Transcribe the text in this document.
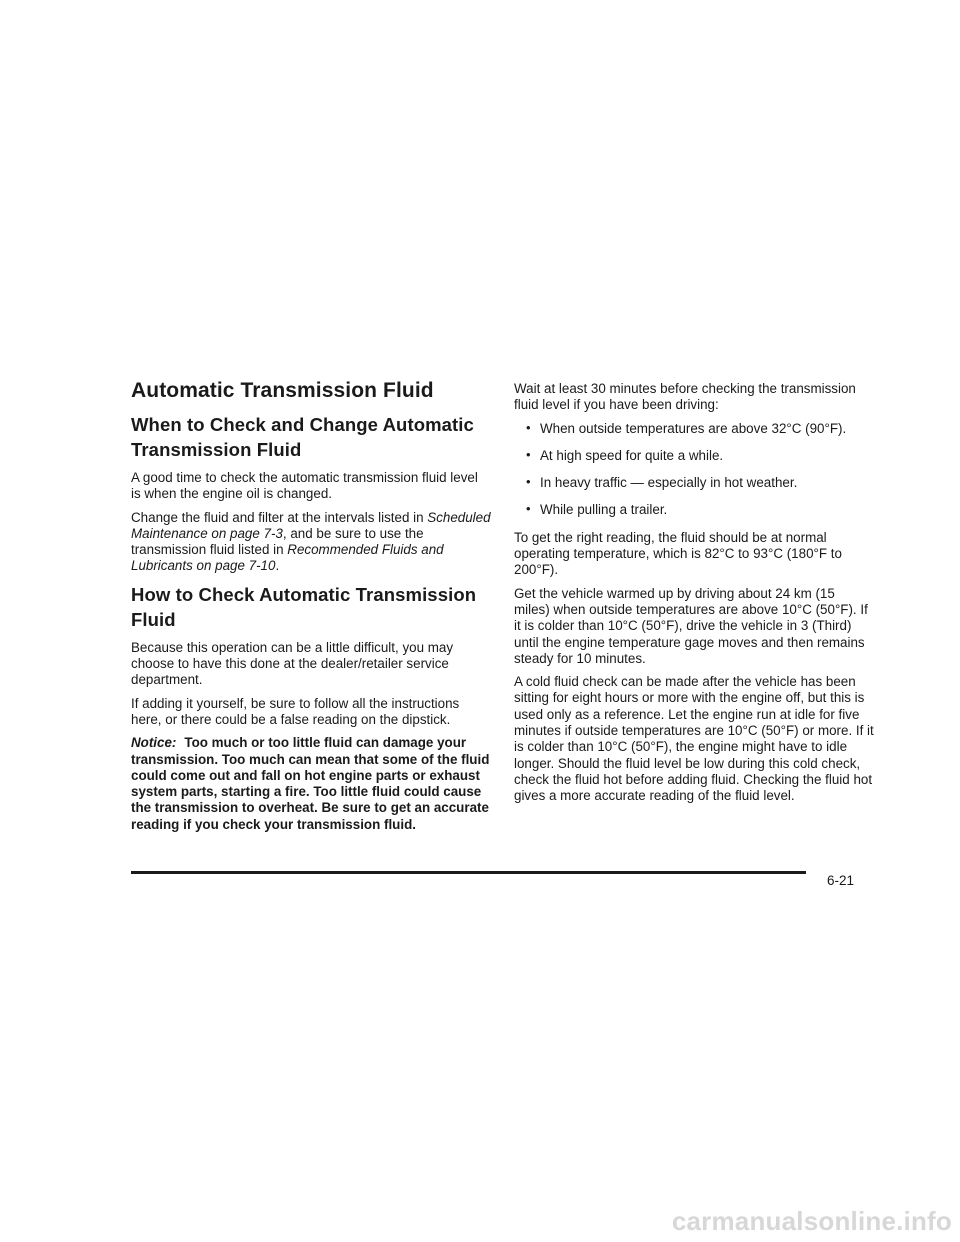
Automatic Transmission Fluid
When to Check and Change Automatic Transmission Fluid

A good time to check the automatic transmission fluid level is when the engine oil is changed.

Change the fluid and filter at the intervals listed in Scheduled Maintenance on page 7-3, and be sure to use the transmission fluid listed in Recommended Fluids and Lubricants on page 7-10.

How to Check Automatic Transmission Fluid

Because this operation can be a little difficult, you may choose to have this done at the dealer/retailer service department.

If adding it yourself, be sure to follow all the instructions here, or there could be a false reading on the dipstick.

Notice: Too much or too little fluid can damage your transmission. Too much can mean that some of the fluid could come out and fall on hot engine parts or exhaust system parts, starting a fire. Too little fluid could cause the transmission to overheat. Be sure to get an accurate reading if you check your transmission fluid.

Wait at least 30 minutes before checking the transmission fluid level if you have been driving:

• When outside temperatures are above 32°C (90°F).
• At high speed for quite a while.
• In heavy traffic — especially in hot weather.
• While pulling a trailer.

To get the right reading, the fluid should be at normal operating temperature, which is 82°C to 93°C (180°F to 200°F).

Get the vehicle warmed up by driving about 24 km (15 miles) when outside temperatures are above 10°C (50°F). If it is colder than 10°C (50°F), drive the vehicle in 3 (Third) until the engine temperature gage moves and then remains steady for 10 minutes.

A cold fluid check can be made after the vehicle has been sitting for eight hours or more with the engine off, but this is used only as a reference. Let the engine run at idle for five minutes if outside temperatures are 10°C (50°F) or more. If it is colder than 10°C (50°F), the engine might have to idle longer. Should the fluid level be low during this cold check, check the fluid hot before adding fluid. Checking the fluid hot gives a more accurate reading of the fluid level.

6-21
carmanualsonline.info
